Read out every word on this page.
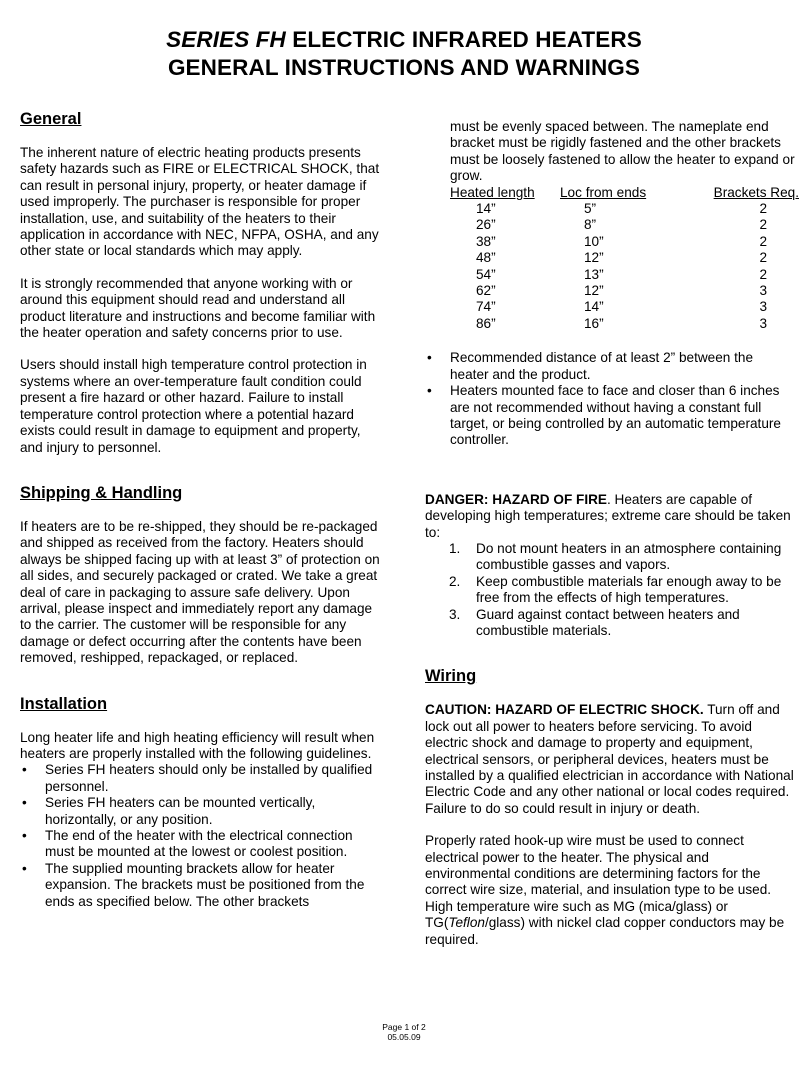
SERIES FH ELECTRIC INFRARED HEATERS
GENERAL INSTRUCTIONS AND WARNINGS
General

The inherent nature of electric heating products presents safety hazards such as FIRE or ELECTRICAL SHOCK, that can result in personal injury, property, or heater damage if used improperly. The purchaser is responsible for proper installation, use, and suitability of the heaters to their application in accordance with NEC, NFPA, OSHA, and any other state or local standards which may apply.

It is strongly recommended that anyone working with or around this equipment should read and understand all product literature and instructions and become familiar with the heater operation and safety concerns prior to use.

Users should install high temperature control protection in systems where an over-temperature fault condition could present a fire hazard or other hazard. Failure to install temperature control protection where a potential hazard exists could result in damage to equipment and property, and injury to personnel.

Shipping & Handling

If heaters are to be re-shipped, they should be re-packaged and shipped as received from the factory. Heaters should always be shipped facing up with at least 3” of protection on all sides, and securely packaged or crated. We take a great deal of care in packaging to assure safe delivery. Upon arrival, please inspect and immediately report any damage to the carrier. The customer will be responsible for any damage or defect occurring after the contents have been removed, reshipped, repackaged, or replaced.

Installation

Long heater life and high heating efficiency will result when heaters are properly installed with the following guidelines.

• Series FH heaters should only be installed by qualified personnel.
• Series FH heaters can be mounted vertically, horizontally, or any position.
• The end of the heater with the electrical connection must be mounted at the lowest or coolest position.
• The supplied mounting brackets allow for heater expansion. The brackets must be positioned from the ends as specified below. The other brackets

must be evenly spaced between. The nameplate end bracket must be rigidly fastened and the other brackets must be loosely fastened to allow the heater to expand or grow.

Heated length	Loc from ends	Brackets Req.
14”	5”	2
26”	8”	2
38”	10”	2
48”	12”	2
54”	13”	2
62”	12”	3
74”	14”	3
86”	16”	3
• Recommended distance of at least 2” between the heater and the product.
• Heaters mounted face to face and closer than 6 inches are not recommended without having a constant full target, or being controlled by an automatic temperature controller.

DANGER: HAZARD OF FIRE. Heaters are capable of developing high temperatures; extreme care should be taken to:

1. Do not mount heaters in an atmosphere containing combustible gasses and vapors.
2. Keep combustible materials far enough away to be free from the effects of high temperatures.
3. Guard against contact between heaters and combustible materials.
Wiring

CAUTION: HAZARD OF ELECTRIC SHOCK. Turn off and lock out all power to heaters before servicing. To avoid electric shock and damage to property and equipment, electrical sensors, or peripheral devices, heaters must be installed by a qualified electrician in accordance with National Electric Code and any other national or local codes required. Failure to do so could result in injury or death.

Properly rated hook-up wire must be used to connect electrical power to the heater. The physical and environmental conditions are determining factors for the correct wire size, material, and insulation type to be used. High temperature wire such as MG (mica/glass) or TG(Teflon/glass) with nickel clad copper conductors may be required.

Page 1 of 2
05.05.09
